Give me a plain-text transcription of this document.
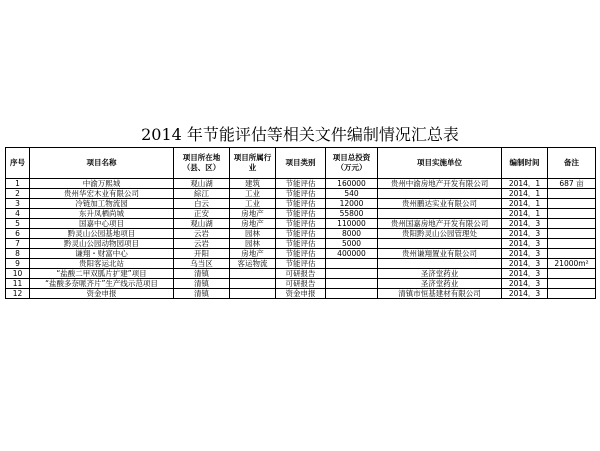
2014 年节能评估等相关文件编制情况汇总表
序号	项目名称	项目所在地（县、区）	项目所属行业	项目类别	项目总投资（万元）	项目实施单位	编制时间	备注
1	中渝万熙城	观山湖	建筑	节能评估	160000	贵州中渝房地产开发有限公司	2014．1	687 亩
2	贵州华宏木业有限公司	綜江	工业	节能评估	540		2014．1	
3	冷链加工物流园	白云	工业	节能评估	12000	贵州鹏达实业有限公司	2014．1	
4	东升凤栖尚城	正安	房地产	节能评估	55800		2014．1	
5	国嘉中心项目	观山湖	房地产	节能评估	110000	贵州国嘉房地产开发有限公司	2014．3	
6	黔灵山公园基地项目	云岩	园林	节能评估	8000	贵阳黔灵山公园管理处	2014．3	
7	黔灵山公园动物园项目	云岩	园林	节能评估	5000		2014．3	
8	谦翔・财富中心	开阳	房地产	节能评估	400000	贵州谦翔置业有限公司	2014．3	
9	贵阳客运北站	乌当区	客运物流	节能评估			2014．3	21000m²
10	“盐酸二甲双胍片扩建”项目	清镇		可研报告		圣济堂药业	2014．3	
11	“盐酸多奈哌齐片”生产线示范项目	清镇		可研报告		圣济堂药业	2014．3	
12	资金申报	清镇		资金申报		清镇市恒基建材有限公司	2014．3	
